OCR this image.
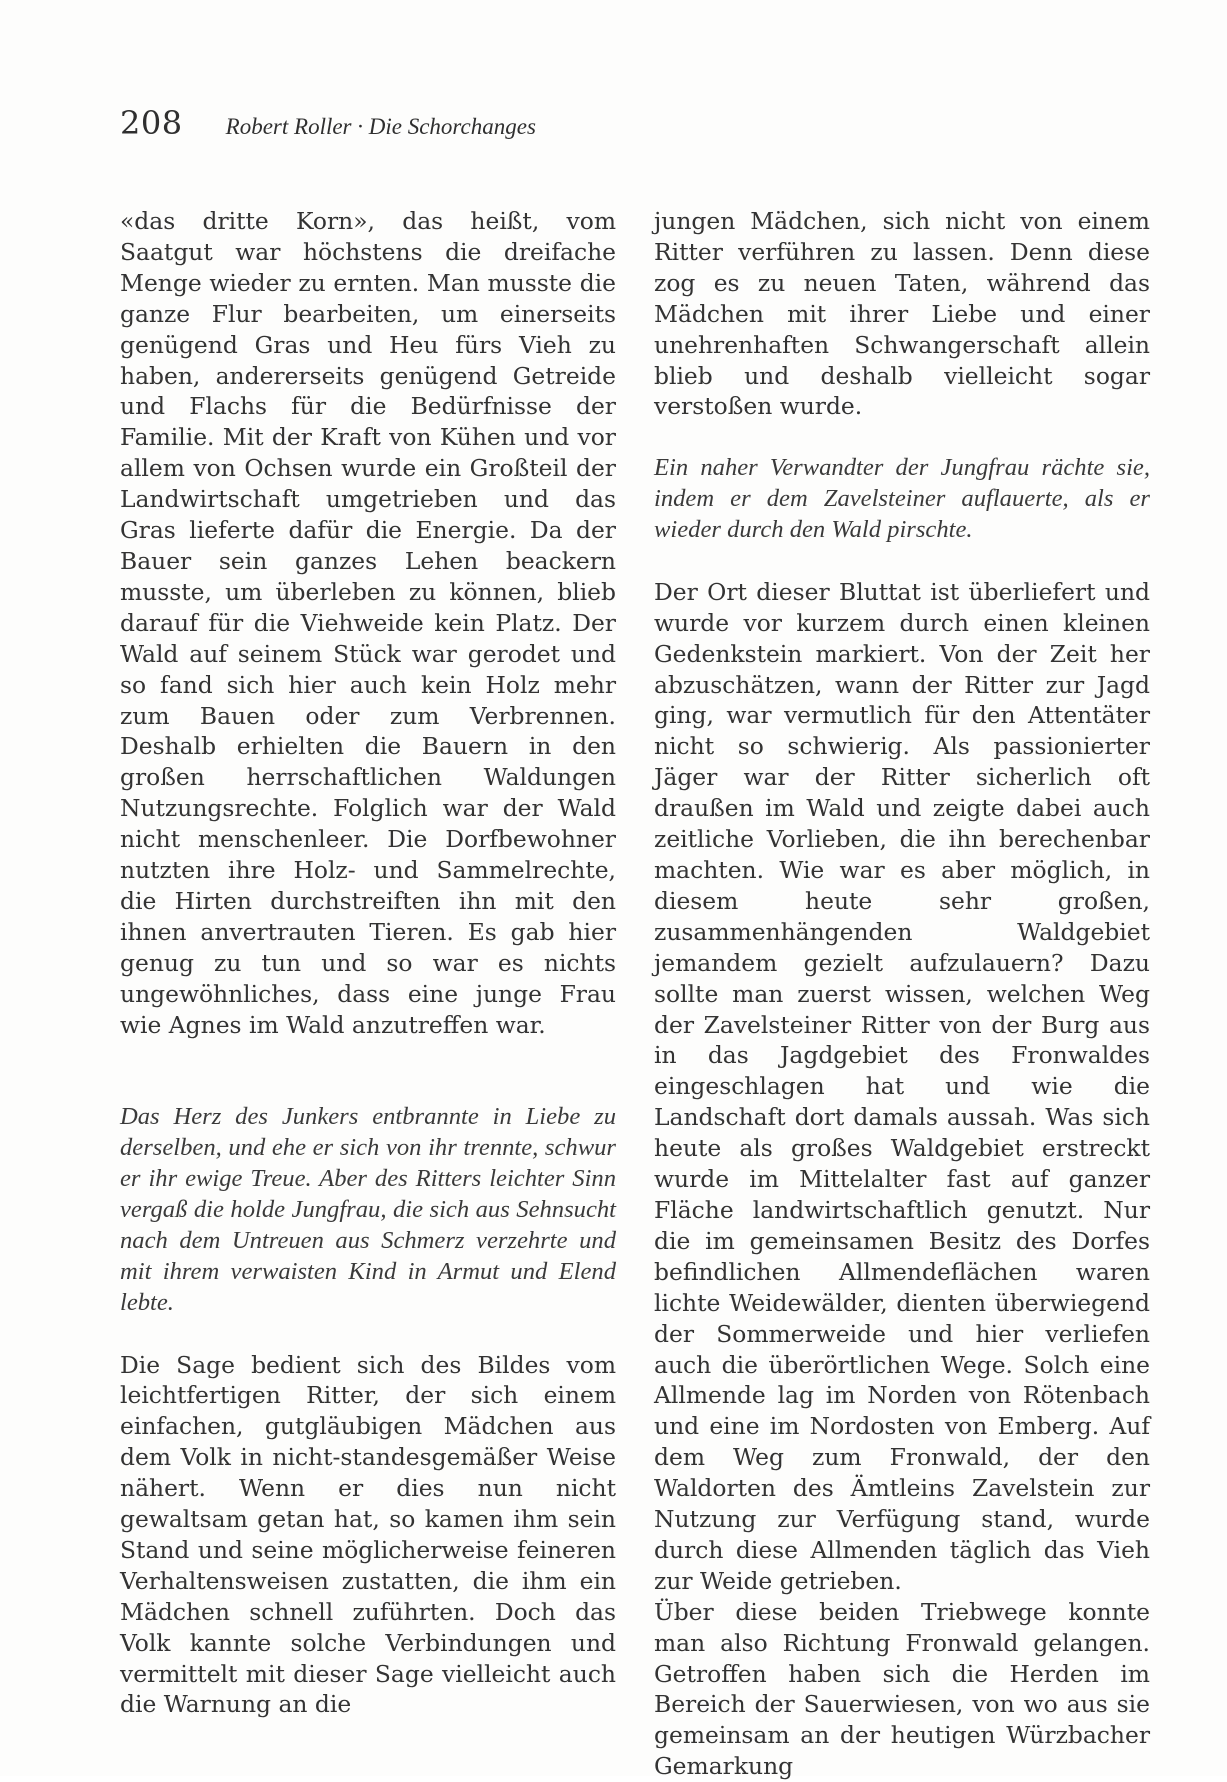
208 Robert Roller · Die Schorchanges

«das dritte Korn», das heißt, vom Saatgut war höchstens die dreifache Menge wieder zu ernten. Man musste die ganze Flur bearbeiten, um einerseits genügend Gras und Heu fürs Vieh zu haben, andererseits genügend Getreide und Flachs für die Bedürfnisse der Familie. Mit der Kraft von Kühen und vor allem von Ochsen wurde ein Großteil der Landwirtschaft umgetrieben und das Gras lieferte dafür die Energie. Da der Bauer sein ganzes Lehen beackern musste, um überleben zu können, blieb darauf für die Viehweide kein Platz. Der Wald auf seinem Stück war gerodet und so fand sich hier auch kein Holz mehr zum Bauen oder zum Verbrennen. Deshalb erhielten die Bauern in den großen herrschaftlichen Waldungen Nutzungsrechte. Folglich war der Wald nicht menschenleer. Die Dorfbewohner nutzten ihre Holz- und Sammelrechte, die Hirten durchstreiften ihn mit den ihnen anvertrauten Tieren. Es gab hier genug zu tun und so war es nichts ungewöhnliches, dass eine junge Frau wie Agnes im Wald anzutreffen war.

Das Herz des Junkers entbrannte in Liebe zu derselben, und ehe er sich von ihr trennte, schwur er ihr ewige Treue. Aber des Ritters leichter Sinn vergaß die holde Jungfrau, die sich aus Sehnsucht nach dem Untreuen aus Schmerz verzehrte und mit ihrem verwaisten Kind in Armut und Elend lebte.

Die Sage bedient sich des Bildes vom leichtfertigen Ritter, der sich einem einfachen, gutgläubigen Mädchen aus dem Volk in nicht-standesgemäßer Weise nähert. Wenn er dies nun nicht gewaltsam getan hat, so kamen ihm sein Stand und seine möglicherweise feineren Verhaltensweisen zustatten, die ihm ein Mädchen schnell zuführten. Doch das Volk kannte solche Verbindungen und vermittelt mit dieser Sage vielleicht auch die Warnung an die

jungen Mädchen, sich nicht von einem Ritter verführen zu lassen. Denn diese zog es zu neuen Taten, während das Mädchen mit ihrer Liebe und einer unehrenhaften Schwangerschaft allein blieb und deshalb vielleicht sogar verstoßen wurde.

Ein naher Verwandter der Jungfrau rächte sie, indem er dem Zavelsteiner auflauerte, als er wieder durch den Wald pirschte.

Der Ort dieser Bluttat ist überliefert und wurde vor kurzem durch einen kleinen Gedenkstein markiert. Von der Zeit her abzuschätzen, wann der Ritter zur Jagd ging, war vermutlich für den Attentäter nicht so schwierig. Als passionierter Jäger war der Ritter sicherlich oft draußen im Wald und zeigte dabei auch zeitliche Vorlieben, die ihn berechenbar machten. Wie war es aber möglich, in diesem heute sehr großen, zusammenhängenden Waldgebiet jemandem gezielt aufzulauern? Dazu sollte man zuerst wissen, welchen Weg der Zavelsteiner Ritter von der Burg aus in das Jagdgebiet des Fronwaldes eingeschlagen hat und wie die Landschaft dort damals aussah. Was sich heute als großes Waldgebiet erstreckt wurde im Mittelalter fast auf ganzer Fläche landwirtschaftlich genutzt. Nur die im gemeinsamen Besitz des Dorfes befindlichen Allmendeflächen waren lichte Weidewälder, dienten überwiegend der Sommerweide und hier verliefen auch die überörtlichen Wege. Solch eine Allmende lag im Norden von Rötenbach und eine im Nordosten von Emberg. Auf dem Weg zum Fronwald, der den Waldorten des Ämtleins Zavelstein zur Nutzung zur Verfügung stand, wurde durch diese Allmenden täglich das Vieh zur Weide getrieben.

Über diese beiden Triebwege konnte man also Richtung Fronwald gelangen. Getroffen haben sich die Herden im Bereich der Sauerwiesen, von wo aus sie gemeinsam an der heutigen Würzbacher Gemarkung
